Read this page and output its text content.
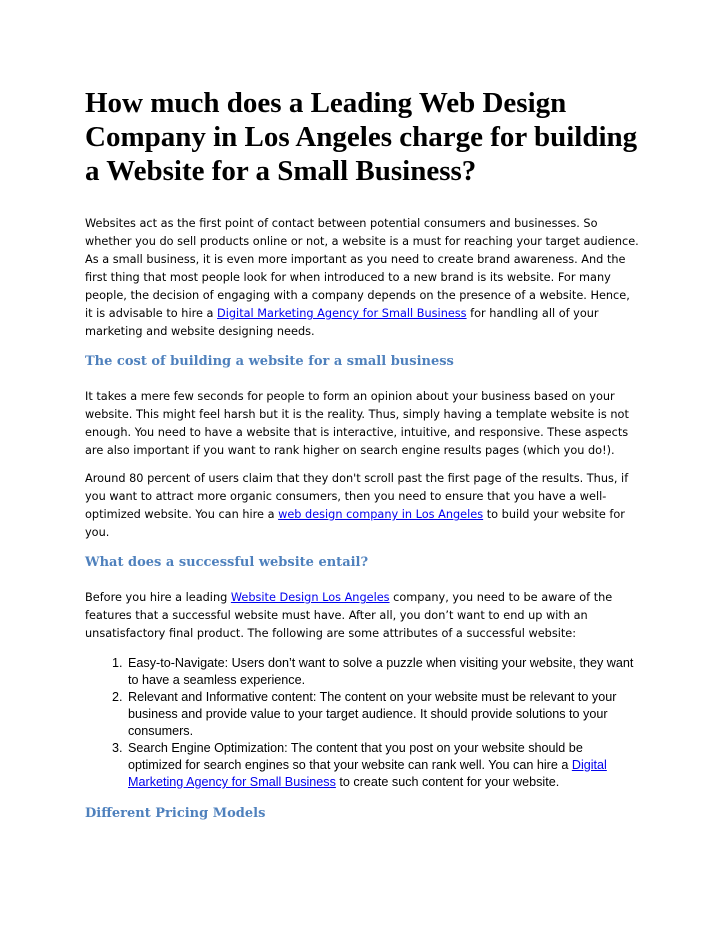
How much does a Leading Web Design Company in Los Angeles charge for building a Website for a Small Business?

Websites act as the first point of contact between potential consumers and businesses. So whether you do sell products online or not, a website is a must for reaching your target audience. As a small business, it is even more important as you need to create brand awareness. And the first thing that most people look for when introduced to a new brand is its website. For many people, the decision of engaging with a company depends on the presence of a website. Hence, it is advisable to hire a Digital Marketing Agency for Small Business for handling all of your marketing and website designing needs.

The cost of building a website for a small business

It takes a mere few seconds for people to form an opinion about your business based on your website. This might feel harsh but it is the reality. Thus, simply having a template website is not enough. You need to have a website that is interactive, intuitive, and responsive. These aspects are also important if you want to rank higher on search engine results pages (which you do!).

Around 80 percent of users claim that they don't scroll past the first page of the results. Thus, if you want to attract more organic consumers, then you need to ensure that you have a well-optimized website. You can hire a web design company in Los Angeles to build your website for you.

What does a successful website entail?

Before you hire a leading Website Design Los Angeles company, you need to be aware of the features that a successful website must have. After all, you don’t want to end up with an unsatisfactory final product. The following are some attributes of a successful website:

1. Easy-to-Navigate: Users don’t want to solve a puzzle when visiting your website, they want to have a seamless experience.
2. Relevant and Informative content: The content on your website must be relevant to your business and provide value to your target audience. It should provide solutions to your consumers.
3. Search Engine Optimization: The content that you post on your website should be optimized for search engines so that your website can rank well. You can hire a Digital Marketing Agency for Small Business to create such content for your website.
Different Pricing Models
